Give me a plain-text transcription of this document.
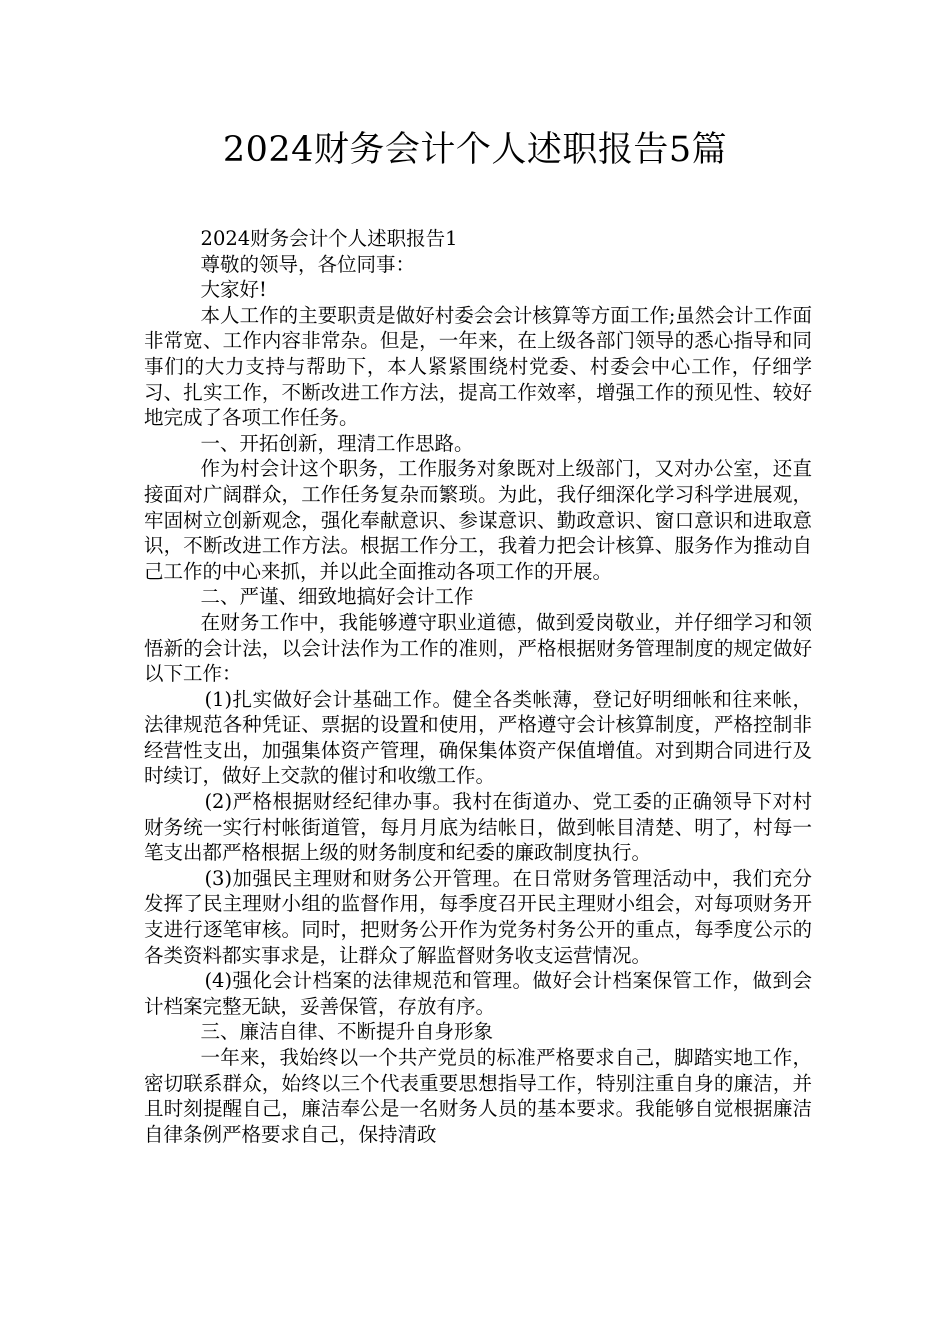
2024财务会计个人述职报告5篇

2024财务会计个人述职报告1

尊敬的领导，各位同事：

大家好!

本人工作的主要职责是做好村委会会计核算等方面工作;虽然会计工作面非常宽、工作内容非常杂。但是，一年来，在上级各部门领导的悉心指导和同事们的大力支持与帮助下，本人紧紧围绕村党委、村委会中心工作，仔细学习、扎实工作，不断改进工作方法，提高工作效率，增强工作的预见性、较好地完成了各项工作任务。

一、开拓创新，理清工作思路。

作为村会计这个职务，工作服务对象既对上级部门，又对办公室，还直接面对广阔群众，工作任务复杂而繁琐。为此，我仔细深化学习科学进展观，牢固树立创新观念，强化奉献意识、参谋意识、勤政意识、窗口意识和进取意识，不断改进工作方法。根据工作分工，我着力把会计核算、服务作为推动自己工作的中心来抓，并以此全面推动各项工作的开展。

二、严谨、细致地搞好会计工作

在财务工作中，我能够遵守职业道德，做到爱岗敬业，并仔细学习和领悟新的会计法，以会计法作为工作的准则，严格根据财务管理制度的规定做好以下工作：

(1)扎实做好会计基础工作。健全各类帐薄，登记好明细帐和往来帐，法律规范各种凭证、票据的设置和使用，严格遵守会计核算制度，严格控制非经营性支出，加强集体资产管理，确保集体资产保值增值。对到期合同进行及时续订，做好上交款的催讨和收缴工作。

(2)严格根据财经纪律办事。我村在街道办、党工委的正确领导下对村财务统一实行村帐街道管，每月月底为结帐日，做到帐目清楚、明了，村每一笔支出都严格根据上级的财务制度和纪委的廉政制度执行。

(3)加强民主理财和财务公开管理。在日常财务管理活动中，我们充分发挥了民主理财小组的监督作用，每季度召开民主理财小组会，对每项财务开支进行逐笔审核。同时，把财务公开作为党务村务公开的重点，每季度公示的各类资料都实事求是，让群众了解监督财务收支运营情况。

(4)强化会计档案的法律规范和管理。做好会计档案保管工作，做到会计档案完整无缺，妥善保管，存放有序。

三、廉洁自律、不断提升自身形象

一年来，我始终以一个共产党员的标准严格要求自己，脚踏实地工作，密切联系群众，始终以三个代表重要思想指导工作，特别注重自身的廉洁，并且时刻提醒自己，廉洁奉公是一名财务人员的基本要求。我能够自觉根据廉洁自律条例严格要求自己，保持清政
